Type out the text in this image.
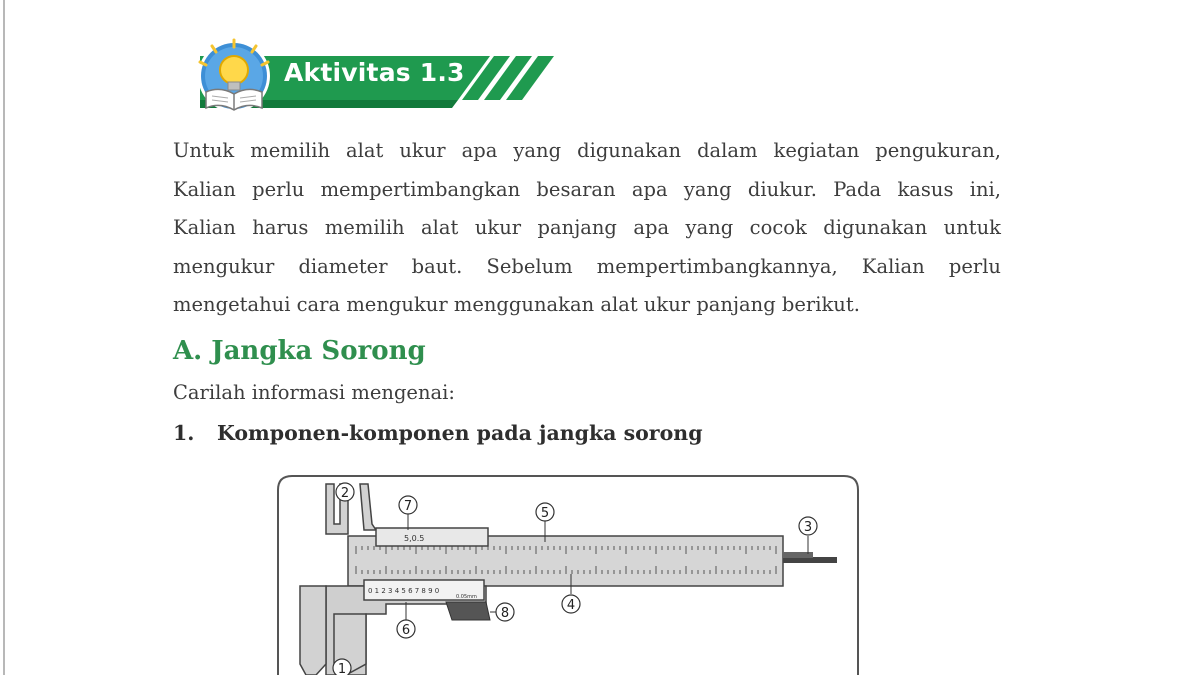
Aktivitas 1.3
Untuk memilih alat ukur apa yang digunakan dalam kegiatan pengukuran,
Kalian perlu mempertimbangkan besaran apa yang diukur. Pada kasus ini,
Kalian harus memilih alat ukur panjang apa yang cocok digunakan untuk
mengukur diameter baut. Sebelum mempertimbangkannya, Kalian perlu
mengetahui cara mengukur menggunakan alat ukur panjang berikut.
A. Jangka Sorong
Carilah informasi mengenai:
1. Komponen-komponen pada jangka sorong
5,0.5
0 1 2 3 4 5 6 7 8 9 0
0.05mm
2
7	5
3
4
8
6
1
